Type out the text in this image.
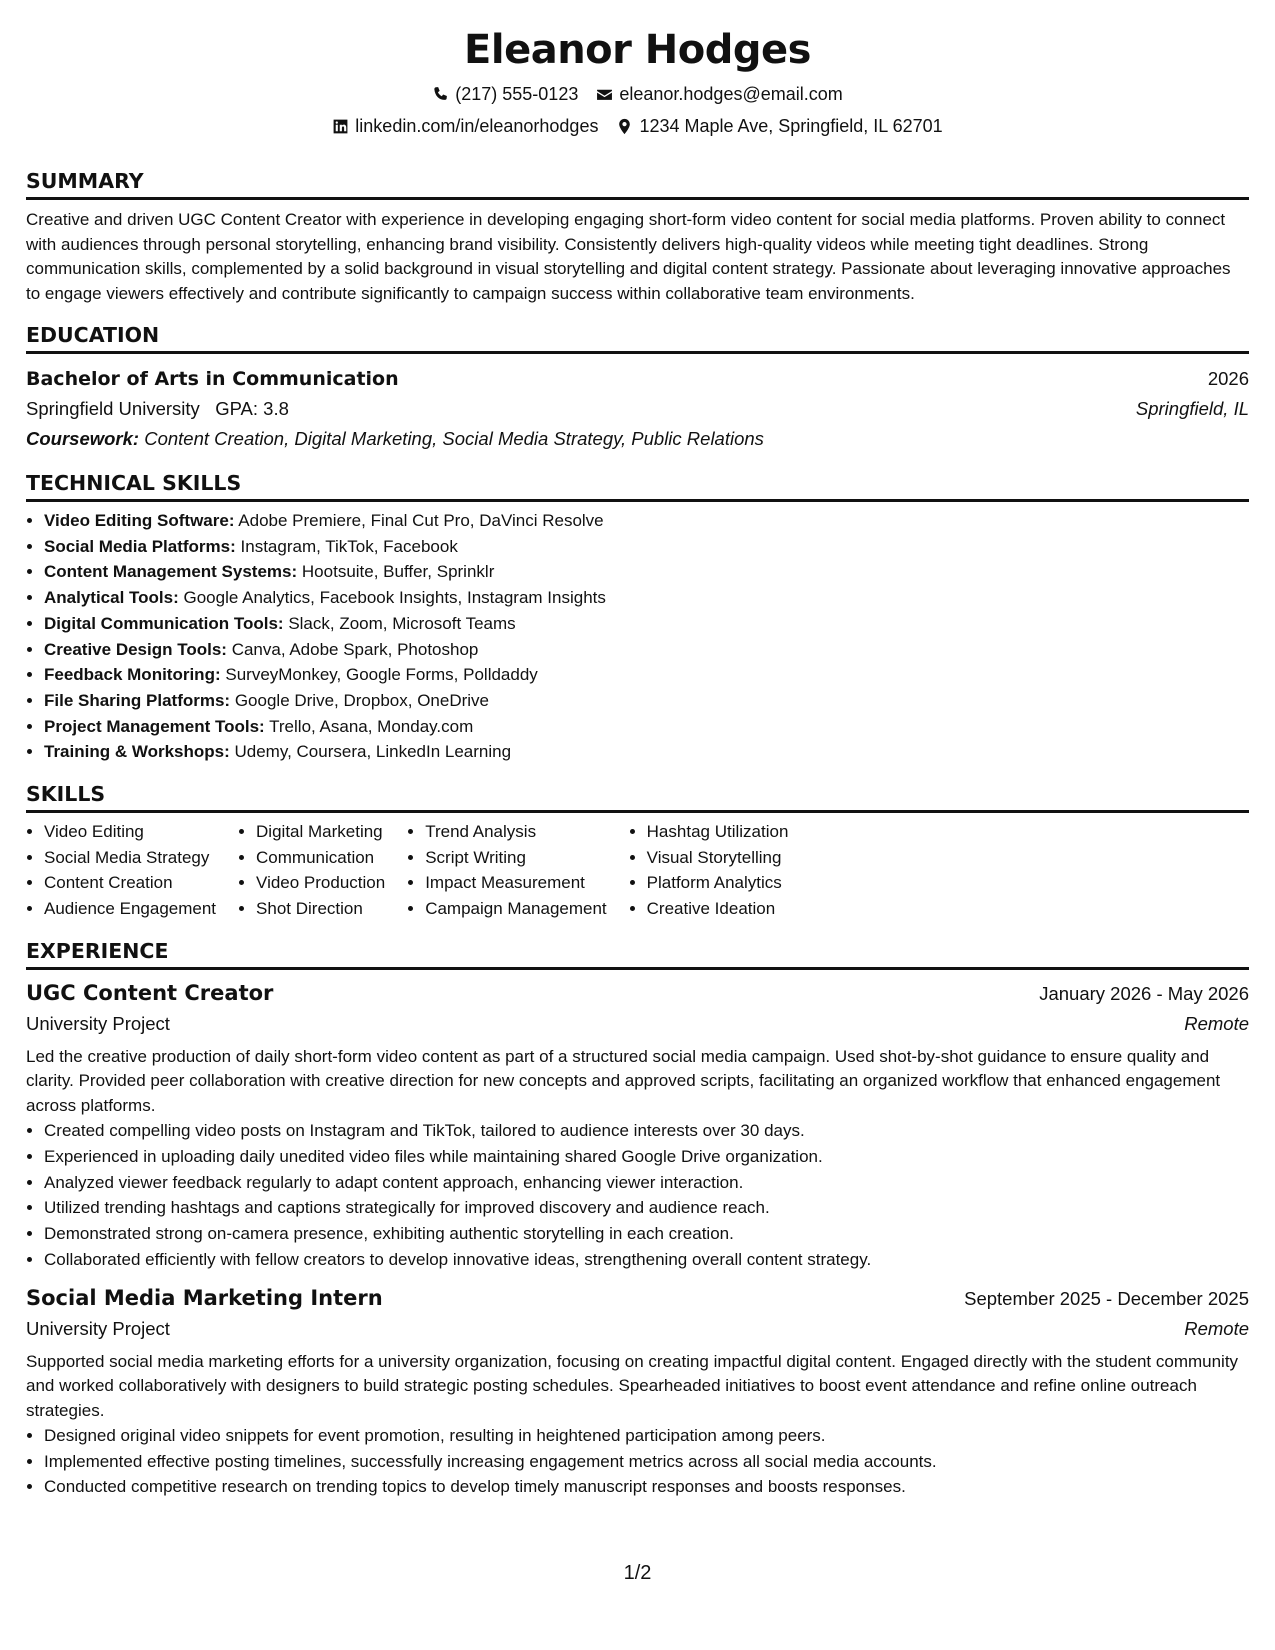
Eleanor Hodges
(217) 555-0123 eleanor.hodges@email.com
linkedin.com/in/eleanorhodges 1234 Maple Ave, Springfield, IL 62701
SUMMARY

Creative and driven UGC Content Creator with experience in developing engaging short-form video content for social media platforms. Proven ability to connect with audiences through personal storytelling, enhancing brand visibility. Consistently delivers high-quality videos while meeting tight deadlines. Strong communication skills, complemented by a solid background in visual storytelling and digital content strategy. Passionate about leveraging innovative approaches to engage viewers effectively and contribute significantly to campaign success within collaborative team environments.

EDUCATION
Bachelor of Arts in Communication	2026
Springfield University GPA: 3.8	Springfield, IL
Coursework: Content Creation, Digital Marketing, Social Media Strategy, Public Relations
TECHNICAL SKILLS
• Video Editing Software: Adobe Premiere, Final Cut Pro, DaVinci Resolve
• Social Media Platforms: Instagram, TikTok, Facebook
• Content Management Systems: Hootsuite, Buffer, Sprinklr
• Analytical Tools: Google Analytics, Facebook Insights, Instagram Insights
• Digital Communication Tools: Slack, Zoom, Microsoft Teams
• Creative Design Tools: Canva, Adobe Spark, Photoshop
• Feedback Monitoring: SurveyMonkey, Google Forms, Polldaddy
• File Sharing Platforms: Google Drive, Dropbox, OneDrive
• Project Management Tools: Trello, Asana, Monday.com
• Training & Workshops: Udemy, Coursera, LinkedIn Learning
SKILLS
• Video Editing
• Social Media Strategy
• Content Creation
• Audience Engagement
• Digital Marketing
• Communication
• Video Production
• Shot Direction
• Trend Analysis
• Script Writing
• Impact Measurement
• Campaign Management
• Hashtag Utilization
• Visual Storytelling
• Platform Analytics
• Creative Ideation
EXPERIENCE
UGC Content Creator	January 2026 - May 2026
University Project	Remote

Led the creative production of daily short-form video content as part of a structured social media campaign. Used shot-by-shot guidance to ensure quality and clarity. Provided peer collaboration with creative direction for new concepts and approved scripts, facilitating an organized workflow that enhanced engagement across platforms.

• Created compelling video posts on Instagram and TikTok, tailored to audience interests over 30 days.
• Experienced in uploading daily unedited video files while maintaining shared Google Drive organization.
• Analyzed viewer feedback regularly to adapt content approach, enhancing viewer interaction.
• Utilized trending hashtags and captions strategically for improved discovery and audience reach.
• Demonstrated strong on-camera presence, exhibiting authentic storytelling in each creation.
• Collaborated efficiently with fellow creators to develop innovative ideas, strengthening overall content strategy.
Social Media Marketing Intern	September 2025 - December 2025
University Project	Remote

Supported social media marketing efforts for a university organization, focusing on creating impactful digital content. Engaged directly with the student community and worked collaboratively with designers to build strategic posting schedules. Spearheaded initiatives to boost event attendance and refine online outreach strategies.

• Designed original video snippets for event promotion, resulting in heightened participation among peers.
• Implemented effective posting timelines, successfully increasing engagement metrics across all social media accounts.
• Conducted competitive research on trending topics to develop timely manuscript responses and boosts responses.
1/2
